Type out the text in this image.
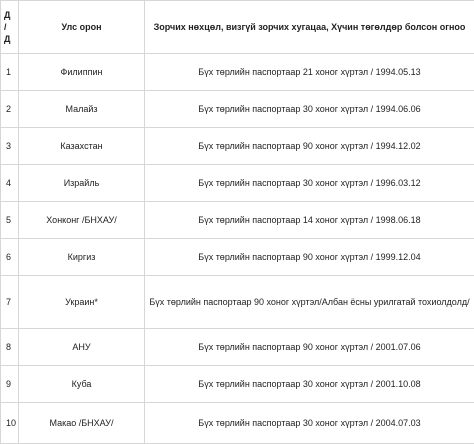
Д
/
Д	Улс орон	Зорчих нөхцөл, визгүй зорчих хугацаа, Хүчин төгөлдөр болсон огноо
1	Филиппин	Бүх төрлийн паспортаар 21 хоног хүртэл / 1994.05.13
2	Малайз	Бүх төрлийн паспортаар 30 хоног хүртэл / 1994.06.06
3	Казахстан	Бүх төрлийн паспортаар 90 хоног хүртэл / 1994.12.02
4	Израйль	Бүх төрлийн паспортаар 30 хоног хүртэл / 1996.03.12
5	Хонконг /БНХАУ/	Бүх төрлийн паспортаар 14 хоног хүртэл / 1998.06.18
6	Киргиз	Бүх төрлийн паспортаар 90 хоног хүртэл / 1999.12.04
7	Украин*	Бүх төрлийн паспортаар 90 хоног хүртэл/Албан ёсны урилгатай тохиолдолд/
8	АНУ	Бүх төрлийн паспортаар 90 хоног хүртэл / 2001.07.06
9	Куба	Бүх төрлийн паспортаар 30 хоног хүртэл / 2001.10.08

10	Макао /БНХАУ/	Бүх төрлийн паспортаар 30 хоног хүртэл / 2004.07.03
